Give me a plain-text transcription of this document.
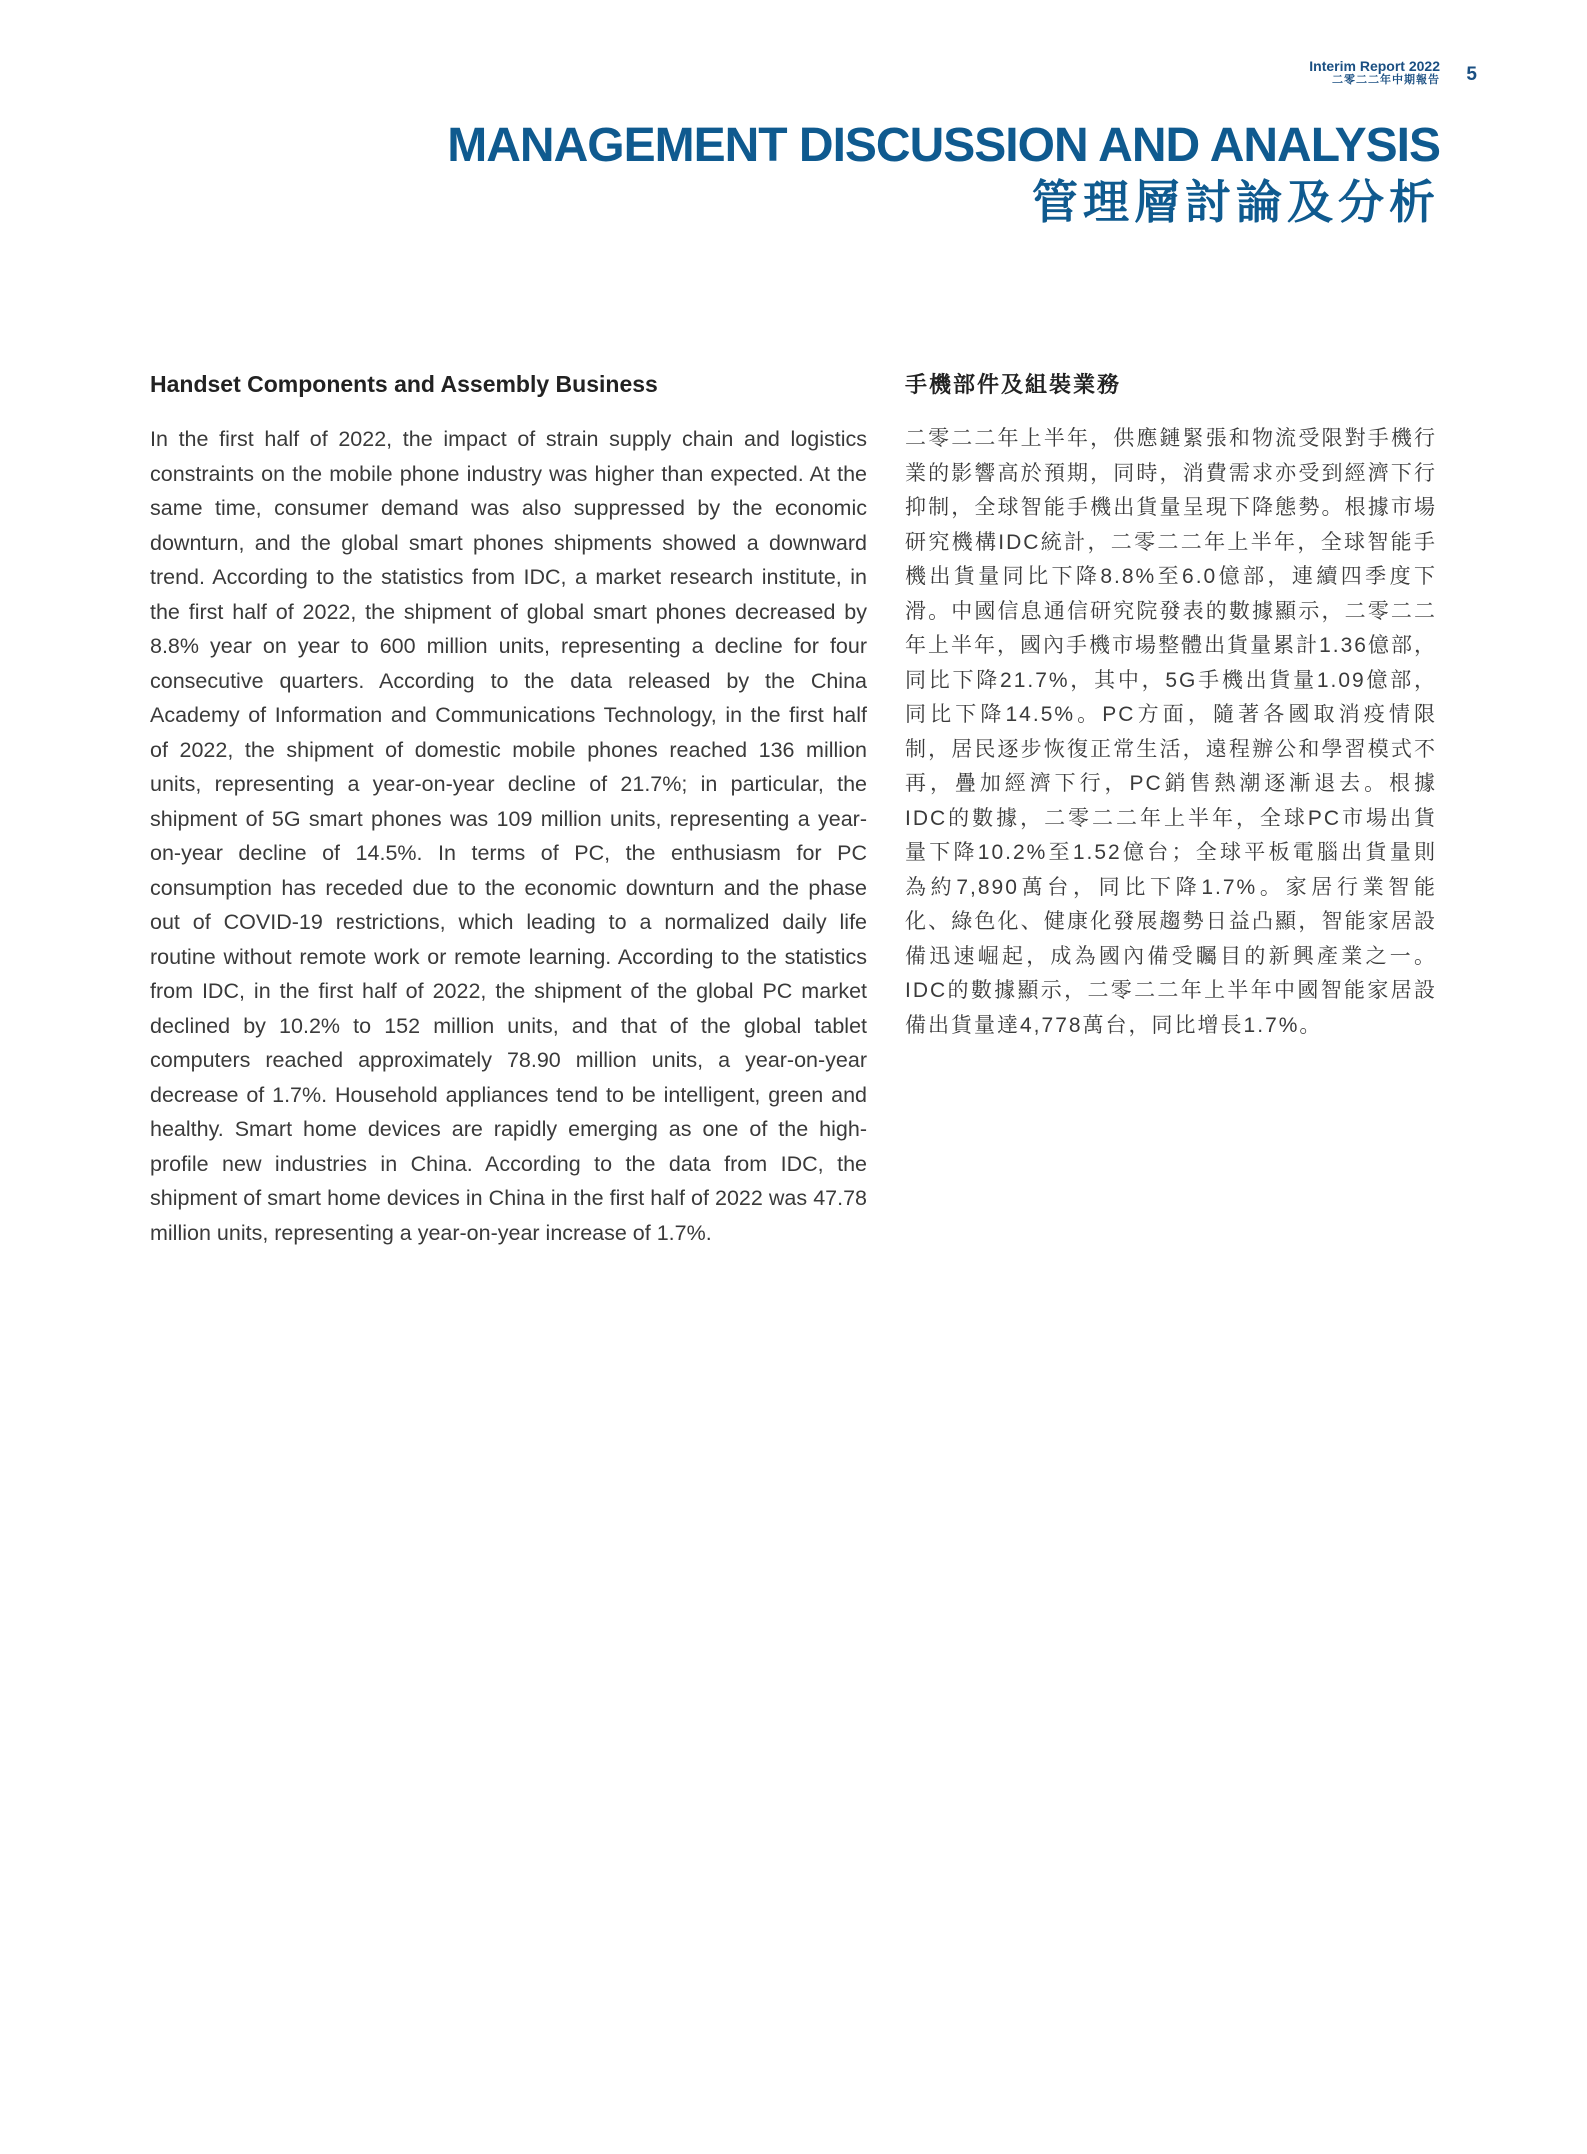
Interim Report 2022
二零二二年中期報告 5
MANAGEMENT DISCUSSION AND ANALYSIS
管理層討論及分析
Handset Components and Assembly Business

In the first half of 2022, the impact of strain supply chain and logistics constraints on the mobile phone industry was higher than expected. At the same time, consumer demand was also suppressed by the economic downturn, and the global smart phones shipments showed a downward trend. According to the statistics from IDC, a market research institute, in the first half of 2022, the shipment of global smart phones decreased by 8.8% year on year to 600 million units, representing a decline for four consecutive quarters. According to the data released by the China Academy of Information and Communications Technology, in the first half of 2022, the shipment of domestic mobile phones reached 136 million units, representing a year-on-year decline of 21.7%; in particular, the shipment of 5G smart phones was 109 million units, representing a year-on-year decline of 14.5%. In terms of PC, the enthusiasm for PC consumption has receded due to the economic downturn and the phase out of COVID-19 restrictions, which leading to a normalized daily life routine without remote work or remote learning. According to the statistics from IDC, in the first half of 2022, the shipment of the global PC market declined by 10.2% to 152 million units, and that of the global tablet computers reached approximately 78.90 million units, a year-on-year decrease of 1.7%. Household appliances tend to be intelligent, green and healthy. Smart home devices are rapidly emerging as one of the high-profile new industries in China. According to the data from IDC, the shipment of smart home devices in China in the first half of 2022 was 47.78 million units, representing a year-on-year increase of 1.7%.

手機部件及組裝業務

二零二二年上半年，供應鏈緊張和物流受限對手機行業的影響高於預期，同時，消費需求亦受到經濟下行抑制，全球智能手機出貨量呈現下降態勢。根據市場研究機構IDC統計，二零二二年上半年，全球智能手機出貨量同比下降8.8%至6.0億部，連續四季度下滑。中國信息通信研究院發表的數據顯示，二零二二年上半年，國內手機市場整體出貨量累計1.36億部，同比下降21.7%，其中，5G手機出貨量1.09億部，同比下降14.5%。PC方面，隨著各國取消疫情限制，居民逐步恢復正常生活，遠程辦公和學習模式不再，疊加經濟下行，PC銷售熱潮逐漸退去。根據IDC的數據，二零二二年上半年，全球PC市場出貨量下降10.2%至1.52億台；全球平板電腦出貨量則為約7,890萬台，同比下降1.7%。家居行業智能化、綠色化、健康化發展趨勢日益凸顯，智能家居設備迅速崛起，成為國內備受矚目的新興產業之一。IDC的數據顯示，二零二二年上半年中國智能家居設備出貨量達4,778萬台，同比增長1.7%。
